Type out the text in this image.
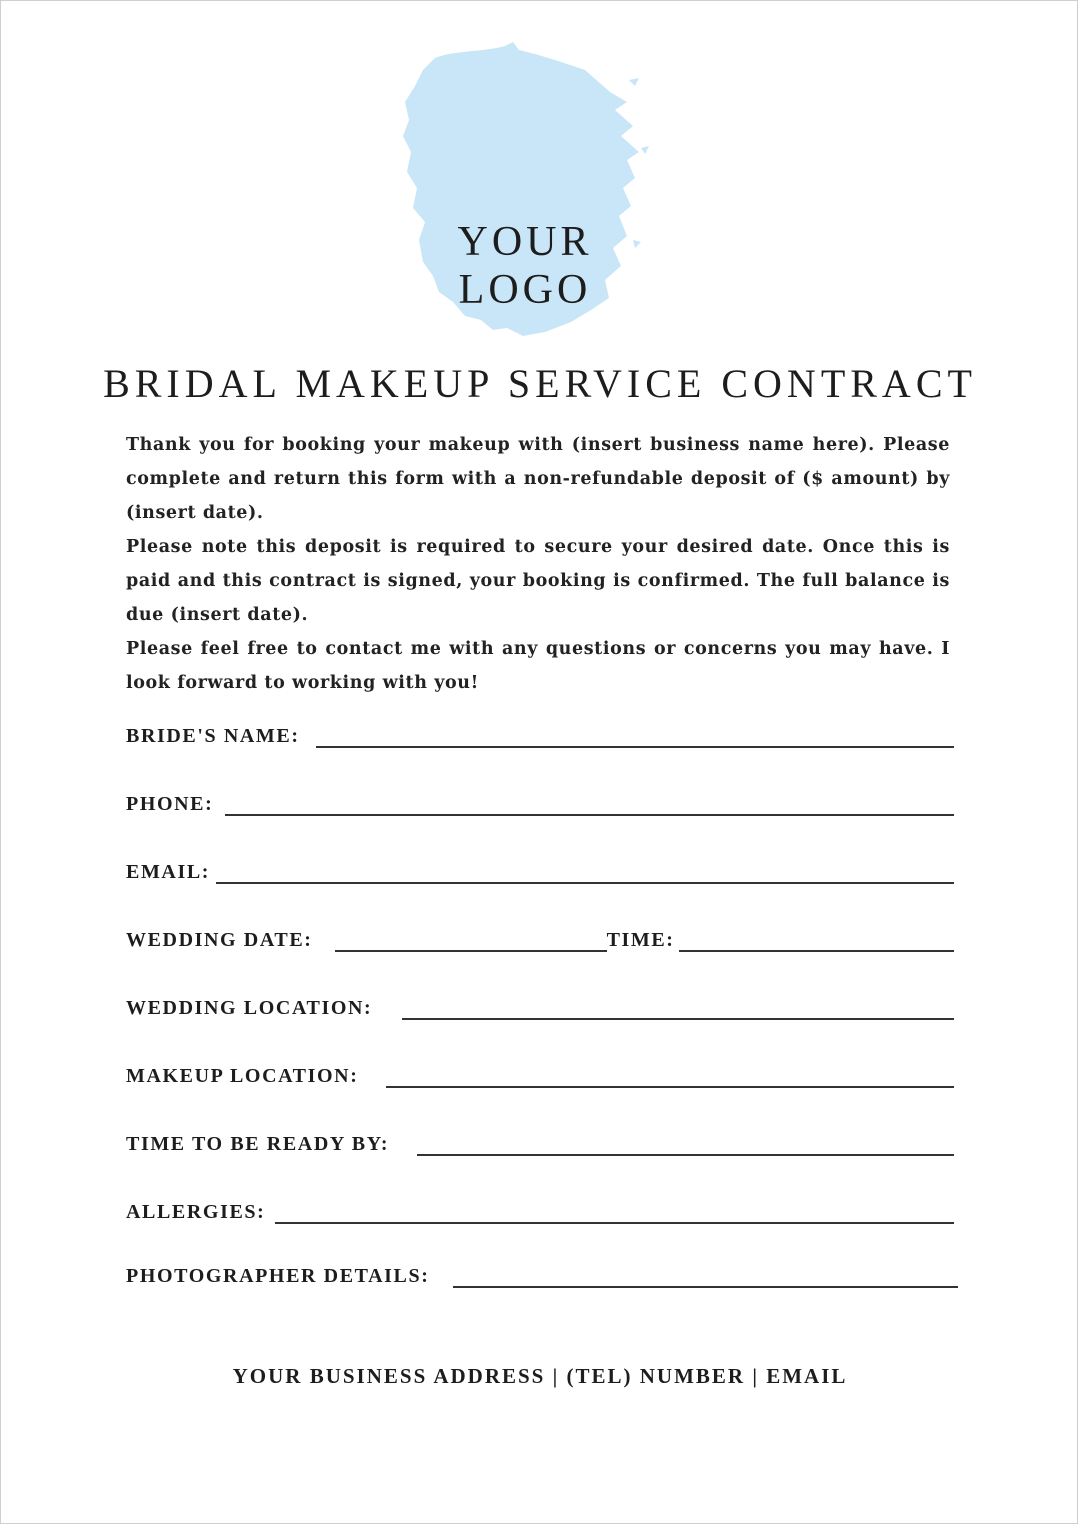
YOUR LOGO
BRIDAL MAKEUP SERVICE CONTRACT

Thank you for booking your makeup with (insert business name here). Please complete and return this form with a non-refundable deposit of ($ amount) by (insert date).

Please note this deposit is required to secure your desired date. Once this is paid and this contract is signed, your booking is confirmed. The full balance is due (insert date).

Please feel free to contact me with any questions or concerns you may have. I look forward to working with you!

BRIDE'S NAME:
PHONE:
EMAIL:
WEDDING DATE:	TIME:
WEDDING LOCATION:
MAKEUP LOCATION:
TIME TO BE READY BY:
ALLERGIES:
PHOTOGRAPHER DETAILS:
YOUR BUSINESS ADDRESS | (TEL) NUMBER | EMAIL
